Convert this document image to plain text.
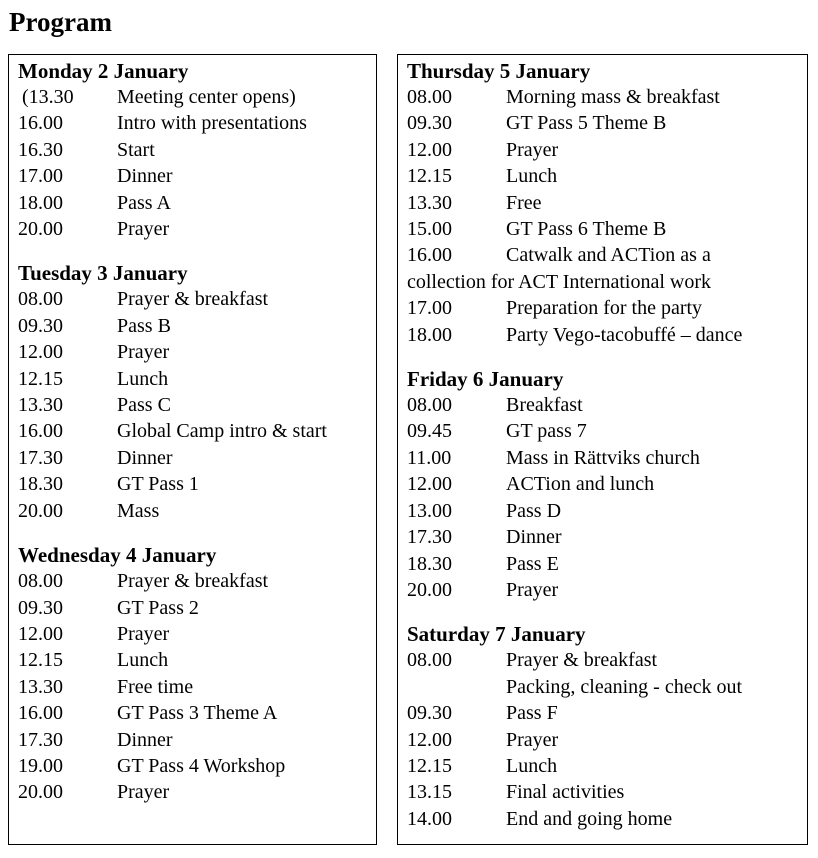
Program
Monday 2 January
(13.30	Meeting center opens)
16.00	Intro with presentations
16.30	Start
17.00	Dinner
18.00	Pass A
20.00	Prayer
Tuesday 3 January
08.00	Prayer & breakfast
09.30	Pass B
12.00	Prayer
12.15	Lunch
13.30	Pass C
16.00	Global Camp intro & start
17.30	Dinner
18.30	GT Pass 1
20.00	Mass
Wednesday 4 January
08.00	Prayer & breakfast
09.30	GT Pass 2
12.00	Prayer
12.15	Lunch
13.30	Free time
16.00	GT Pass 3 Theme A
17.30	Dinner
19.00	GT Pass 4 Workshop
20.00	Prayer
Thursday 5 January
08.00	Morning mass & breakfast
09.30	GT Pass 5 Theme B
12.00	Prayer
12.15	Lunch
13.30	Free
15.00	GT Pass 6 Theme B
16.00	Catwalk and ACTion as a
collection for ACT International work
17.00	Preparation for the party
18.00	Party Vego-tacobuffé – dance
Friday 6 January
08.00	Breakfast
09.45	GT pass 7
11.00	Mass in Rättviks church
12.00	ACTion and lunch
13.00	Pass D
17.30	Dinner
18.30	Pass E
20.00	Prayer
Saturday 7 January
08.00	Prayer & breakfast
Packing, cleaning - check out
09.30	Pass F
12.00	Prayer
12.15	Lunch
13.15	Final activities
14.00	End and going home
